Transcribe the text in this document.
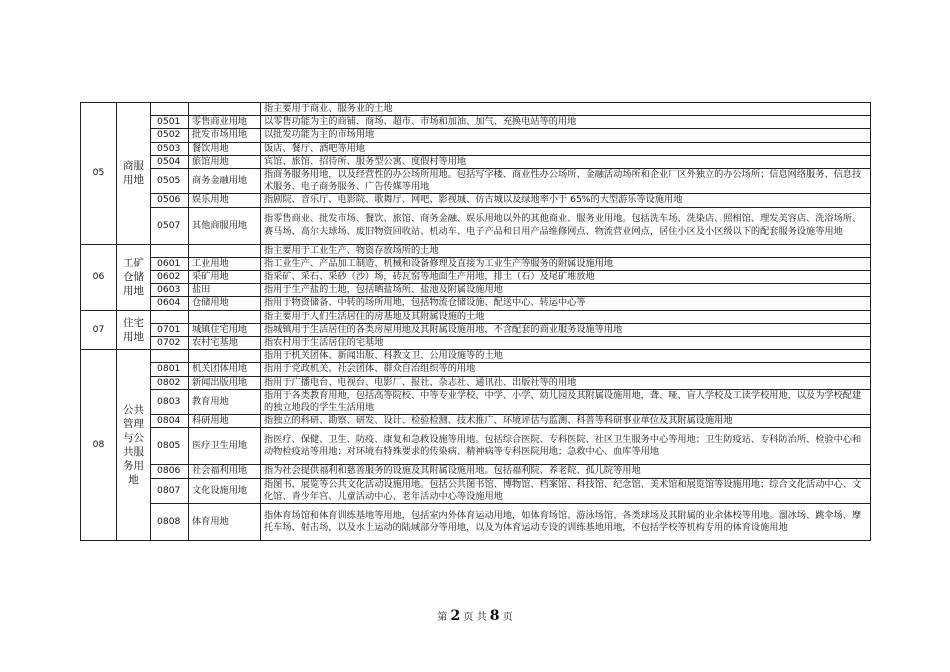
05	商服用地			指主要用于商业、服务业的土地
		0501	零售商业用地	以零售功能为主的商铺、商场、超市、市场和加油、加气、充换电站等的用地
		0502	批发市场用地	以批发功能为主的市场用地
		0503	餐饮用地	饭店、餐厅、酒吧等用地
		0504	旅馆用地	宾馆、旅馆、招待所、服务型公寓、度假村等用地
		0505	商务金融用地	指商务服务用地，以及经营性的办公场所用地。包括写字楼、商业性办公场所、金融活动场所和企业厂区外独立的办公场所；信息网络服务、信息技术服务、电子商务服务、广告传媒等用地
		0506	娱乐用地	指剧院、音乐厅、电影院、歌舞厅、网吧、影视城、仿古城以及绿地率小于 65%的大型游乐等设施用地
		0507	其他商服用地	指零售商业、批发市场、餐饮、旅馆、商务金融、娱乐用地以外的其他商业、服务业用地。包括洗车场、洗染店、照相馆、理发美容店、洗浴场所、赛马场、高尔夫球场、废旧物资回收站、机动车、电子产品和日用产品维修网点、物流营业网点，居住小区及小区级以下的配套服务设施等用地
06	工矿仓储用地			指主要用于工业生产、物资存放场所的土地
		0601	工业用地	指工业生产、产品加工制造、机械和设备修理及直接为工业生产等服务的附属设施用地
		0602	采矿用地	指采矿、采石、采砂（沙）场，砖瓦窑等地面生产用地，排土（石）及尾矿堆放地
		0603	盐田	指用于生产盐的土地，包括晒盐场所、盐池及附属设施用地
		0604	仓储用地	指用于物资储备、中转的场所用地，包括物流仓储设施、配送中心、转运中心等
07	住宅用地			指主要用于人们生活居住的房基地及其附属设施的土地
		0701	城镇住宅用地	指城镇用于生活居住的各类房屋用地及其附属设施用地，不含配套的商业服务设施等用地
		0702	农村宅基地	指农村用于生活居住的宅基地
08	公共管理与公共服务用地			指用于机关团体、新闻出版、科教文卫、公用设施等的土地
		0801	机关团体用地	指用于党政机关、社会团体、群众自治组织等的用地
		0802	新闻出版用地	指用于广播电台、电视台、电影厂、报社、杂志社、通讯社、出版社等的用地
		0803	教育用地	指用于各类教育用地，包括高等院校、中等专业学校、中学、小学、幼儿园及其附属设施用地，聋、哑、盲人学校及工读学校用地，以及为学校配建的独立地段的学生生活用地
		0804	科研用地	指独立的科研、勘察、研发、设计、检验检测、技术推广、环境评估与监测、科普等科研事业单位及其附属设施用地
		0805	医疗卫生用地	指医疗、保健、卫生、防疫、康复和急救设施等用地。包括综合医院、专科医院、社区卫生服务中心等用地；卫生防疫站、专科防治所、检验中心和动物检疫站等用地；对环境有特殊要求的传染病、精神病等专科医院用地；急救中心、血库等用地
		0806	社会福利用地	指为社会提供福利和慈善服务的设施及其附属设施用地。包括福利院、养老院、孤儿院等用地
		0807	文化设施用地	指图书、展览等公共文化活动设施用地。包括公共图书馆、博物馆、档案馆、科技馆、纪念馆、美术馆和展览馆等设施用地；综合文化活动中心、文化馆、青少年宫、儿童活动中心、老年活动中心等设施用地
		0808	体育用地	指体育场馆和体育训练基地等用地，包括室内外体育运动用地，如体育场馆、游泳场馆、各类球场及其附属的业余体校等用地。溜冰场、跳伞场、摩托车场、射击场，以及水上运动的陆域部分等用地，以及为体育运动专设的训练基地用地，不包括学校等机构专用的体育设施用地
第 2 页 共 8 页
